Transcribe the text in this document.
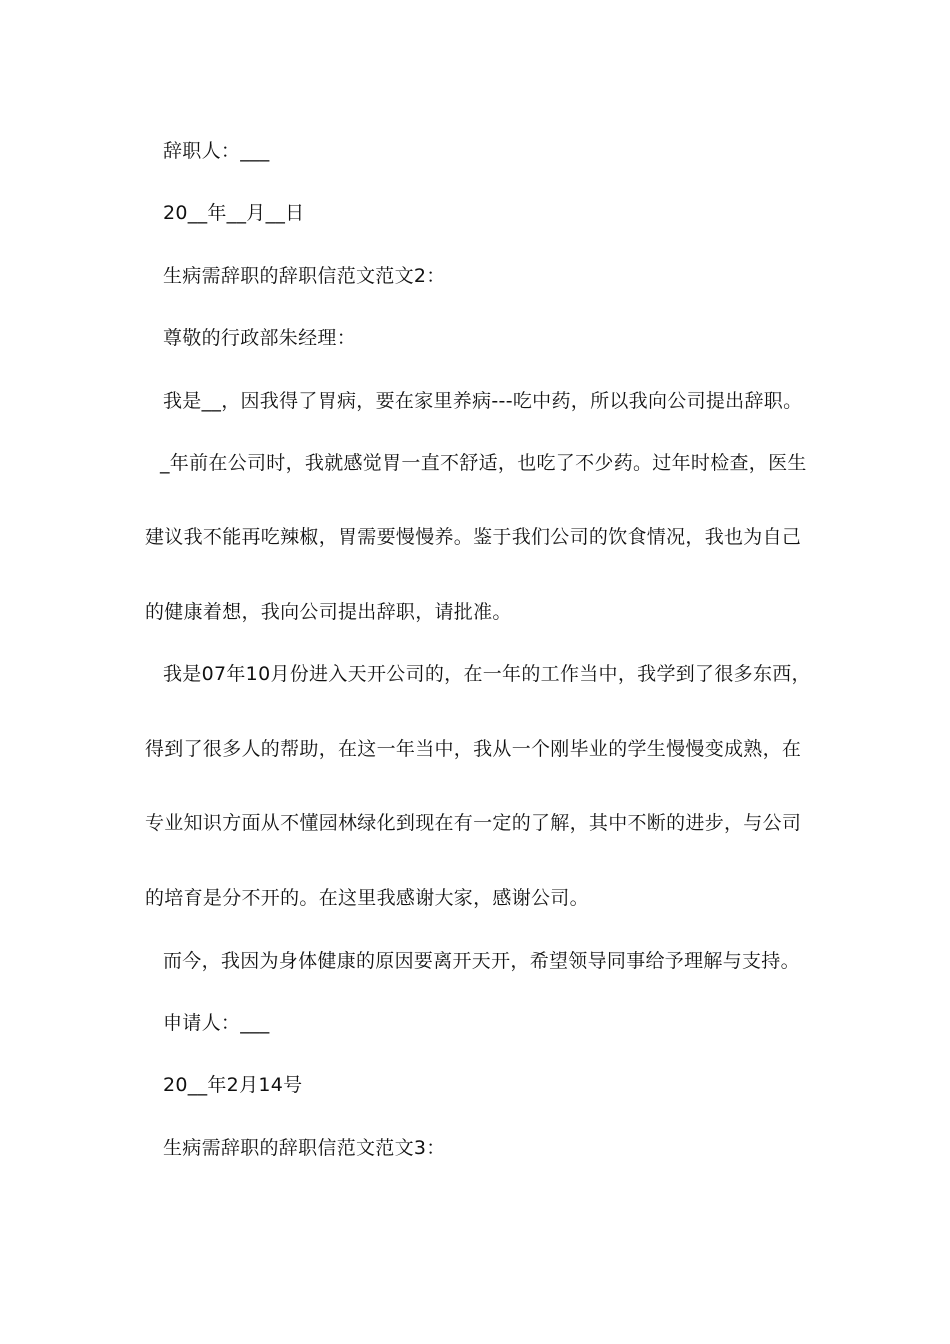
辞职人：___
20__年__月__日
生病需辞职的辞职信范文范文2：
尊敬的行政部朱经理：
我是__，因我得了胃病，要在家里养病---吃中药，所以我向公司提出辞职。
_年前在公司时，我就感觉胃一直不舒适，也吃了不少药。过年时检查，医生
建议我不能再吃辣椒，胃需要慢慢养。鉴于我们公司的饮食情况，我也为自己
的健康着想，我向公司提出辞职，请批准。
我是07年10月份进入天开公司的，在一年的工作当中，我学到了很多东西，
得到了很多人的帮助，在这一年当中，我从一个刚毕业的学生慢慢变成熟，在
专业知识方面从不懂园林绿化到现在有一定的了解，其中不断的进步，与公司
的培育是分不开的。在这里我感谢大家，感谢公司。
而今，我因为身体健康的原因要离开天开，希望领导同事给予理解与支持。
申请人：___
20__年2月14号
生病需辞职的辞职信范文范文3：
